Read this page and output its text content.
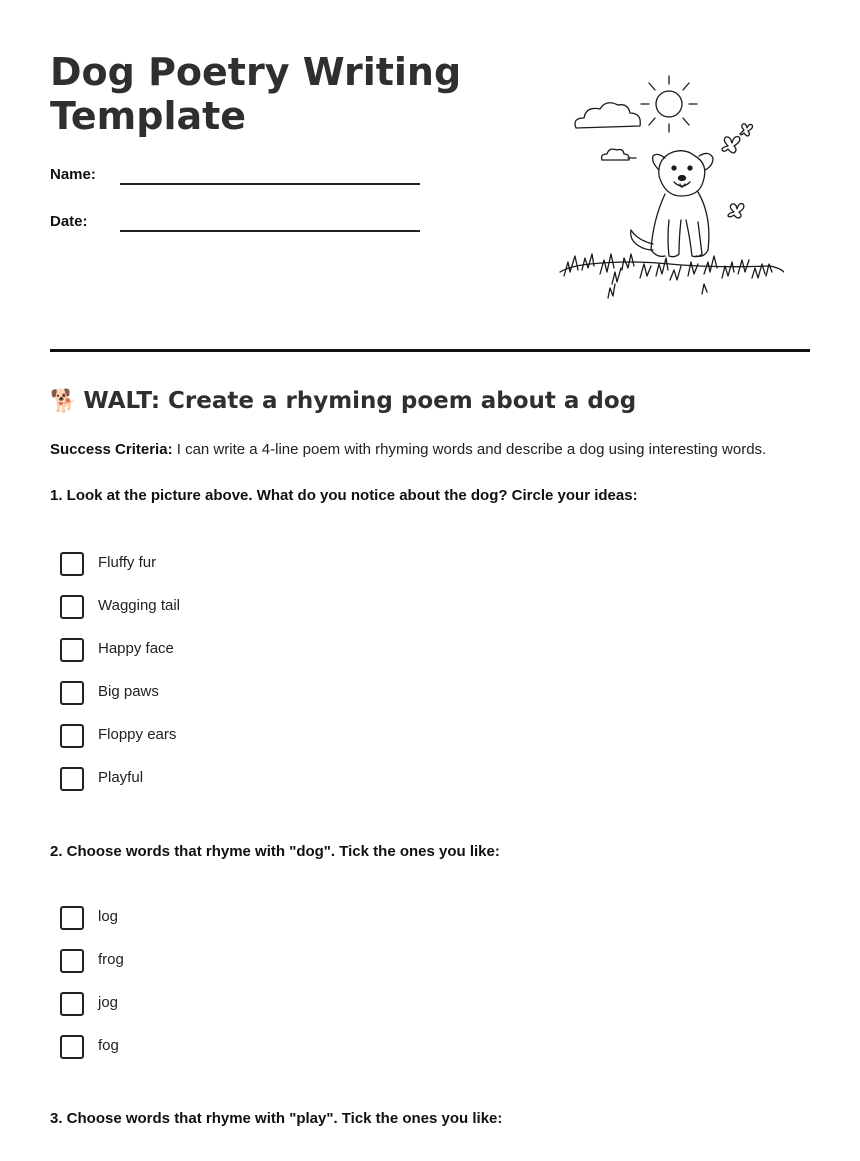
Dog Poetry Writing Template
Name:
Date:
🐕 WALT: Create a rhyming poem about a dog
Success Criteria: I can write a 4-line poem with rhyming words and describe a dog using interesting words.
1. Look at the picture above. What do you notice about the dog? Circle your ideas:
Fluffy fur
Wagging tail
Happy face
Big paws
Floppy ears
Playful
2. Choose words that rhyme with "dog". Tick the ones you like:
log
frog
jog
fog
3. Choose words that rhyme with "play". Tick the ones you like:
